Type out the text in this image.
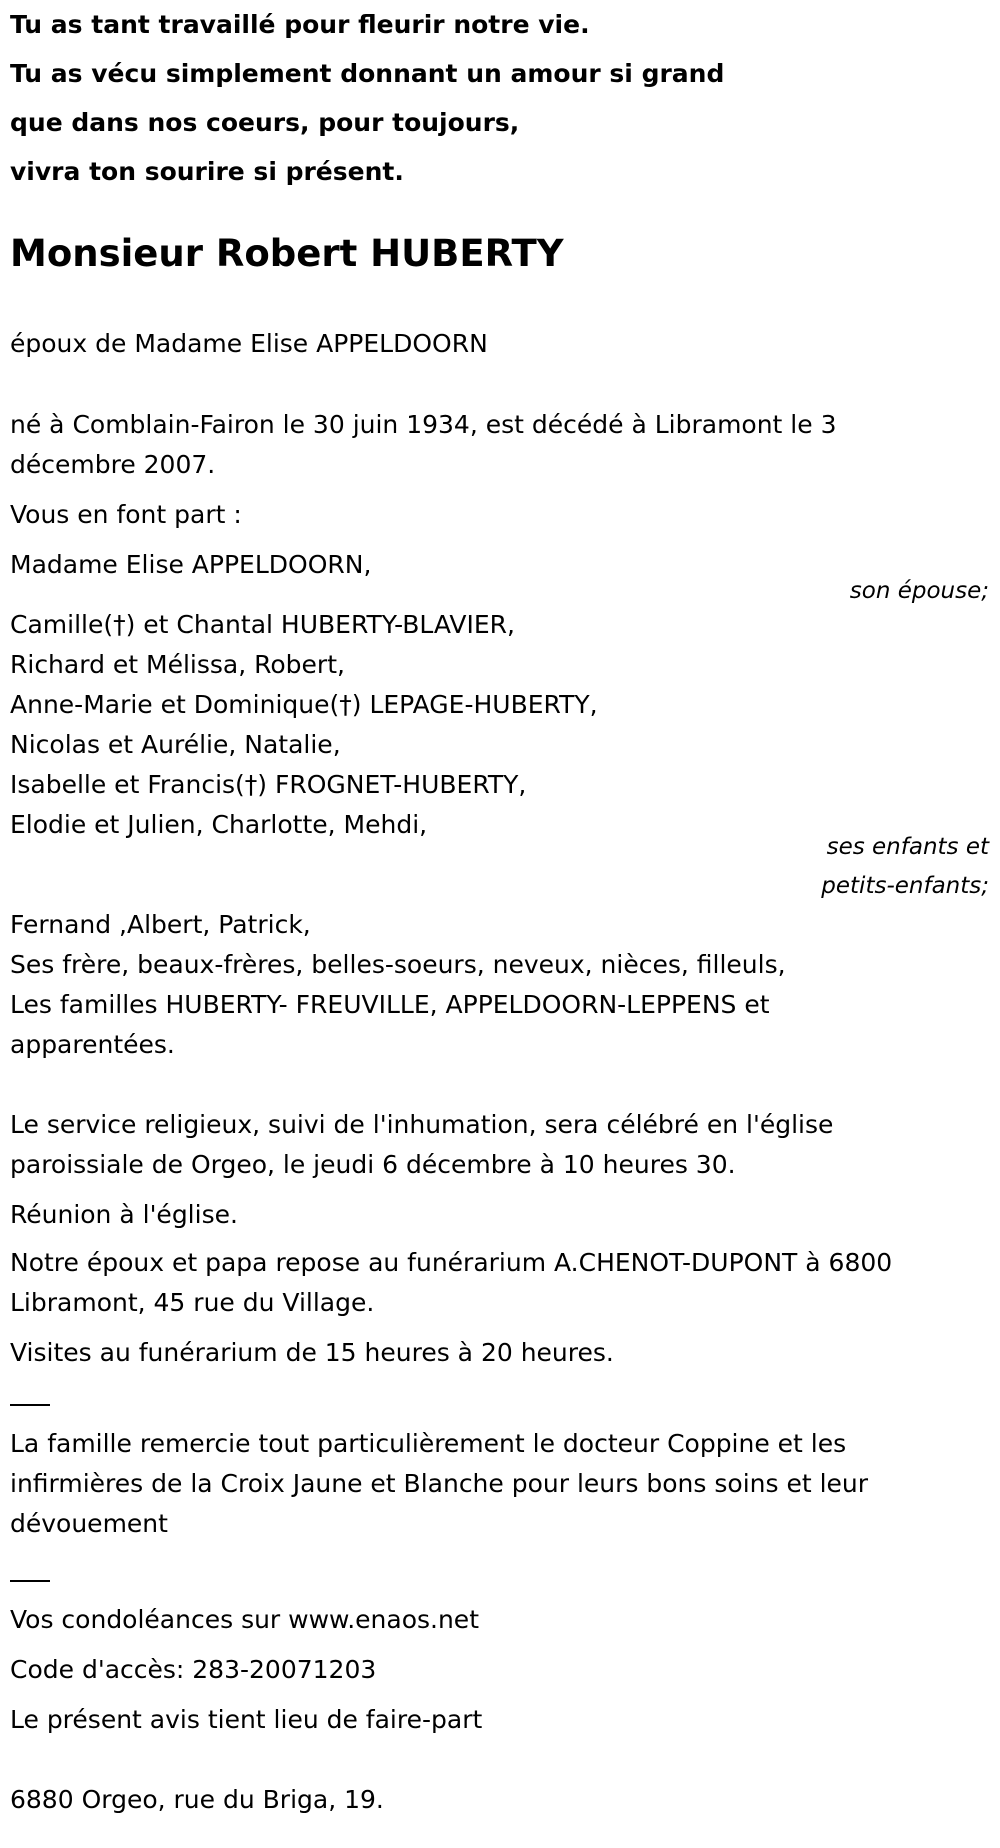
Tu as tant travaillé pour fleurir notre vie.
Tu as vécu simplement donnant un amour si grand
que dans nos coeurs, pour toujours,
vivra ton sourire si présent.
Monsieur Robert HUBERTY
époux de Madame Elise APPELDOORN
né à Comblain-Fairon le 30 juin 1934, est décédé à Libramont le 3
décembre 2007.
Vous en font part :
Madame Elise APPELDOORN,
son épouse;
Camille(†) et Chantal HUBERTY-BLAVIER,
Richard et Mélissa, Robert,
Anne-Marie et Dominique(†) LEPAGE-HUBERTY,
Nicolas et Aurélie, Natalie,
Isabelle et Francis(†) FROGNET-HUBERTY,
Elodie et Julien, Charlotte, Mehdi,
ses enfants et
petits-enfants;
Fernand ,Albert, Patrick,
Ses frère, beaux-frères, belles-soeurs, neveux, nièces, filleuls,
Les familles HUBERTY- FREUVILLE, APPELDOORN-LEPPENS et
apparentées.
Le service religieux, suivi de l'inhumation, sera célébré en l'église
paroissiale de Orgeo, le jeudi 6 décembre à 10 heures 30.
Réunion à l'église.
Notre époux et papa repose au funérarium A.CHENOT-DUPONT à 6800
Libramont, 45 rue du Village.
Visites au funérarium de 15 heures à 20 heures.
La famille remercie tout particulièrement le docteur Coppine et les
infirmières de la Croix Jaune et Blanche pour leurs bons soins et leur
dévouement
Vos condoléances sur www.enaos.net
Code d'accès: 283-20071203
Le présent avis tient lieu de faire-part
6880 Orgeo, rue du Briga, 19.
